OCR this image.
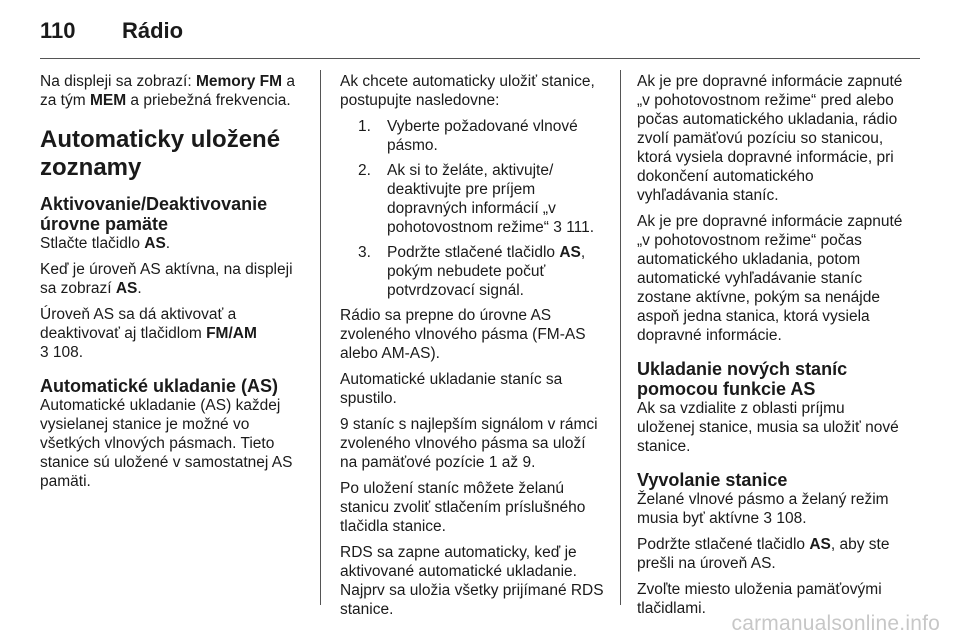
110 Rádio

Na displeji sa zobrazí: Memory FM a za tým MEM a priebežná frekvencia.

Automaticky uložené zoznamy
Aktivovanie/Deaktivovanie úrovne pamäte

Stlačte tlačidlo AS.

Keď je úroveň AS aktívna, na displeji sa zobrazí AS.

Úroveň AS sa dá aktivovať a deaktivovať aj tlačidlom FM/AM
3 108.

Automatické ukladanie (AS)

Automatické ukladanie (AS) každej vysielanej stanice je možné vo všetkých vlnových pásmach. Tieto stanice sú uložené v samostatnej AS pamäti.

Ak chcete automaticky uložiť stanice, postupujte nasledovne:

1. Vyberte požadované vlnové pásmo.
2. Ak si to želáte, aktivujte/ deaktivujte pre príjem dopravných informácií „v pohotovostnom režime“ 3 111.
3. Podržte stlačené tlačidlo AS, pokým nebudete počuť potvrdzovací signál.

Rádio sa prepne do úrovne AS zvoleného vlnového pásma (FM-AS alebo AM-AS).

Automatické ukladanie staníc sa spustilo.

9 staníc s najlepším signálom v rámci zvoleného vlnového pásma sa uloží na pamäťové pozície 1 až 9.

Po uložení staníc môžete želanú stanicu zvoliť stlačením príslušného tlačidla stanice.

RDS sa zapne automaticky, keď je aktivované automatické ukladanie. Najprv sa uložia všetky prijímané RDS stanice.

Ak je pre dopravné informácie zapnuté „v pohotovostnom režime“ pred alebo počas automatického ukladania, rádio zvolí pamäťovú pozíciu so stanicou, ktorá vysiela dopravné informácie, pri dokončení automatického vyhľadávania staníc.

Ak je pre dopravné informácie zapnuté „v pohotovostnom režime“ počas automatického ukladania, potom automatické vyhľadávanie staníc zostane aktívne, pokým sa nenájde aspoň jedna stanica, ktorá vysiela dopravné informácie.

Ukladanie nových staníc pomocou funkcie AS

Ak sa vzdialite z oblasti príjmu uloženej stanice, musia sa uložiť nové stanice.

Vyvolanie stanice

Želané vlnové pásmo a želaný režim musia byť aktívne 3 108.

Podržte stlačené tlačidlo AS, aby ste prešli na úroveň AS.

Zvoľte miesto uloženia pamäťovými tlačidlami.

carmanualsonline.info
